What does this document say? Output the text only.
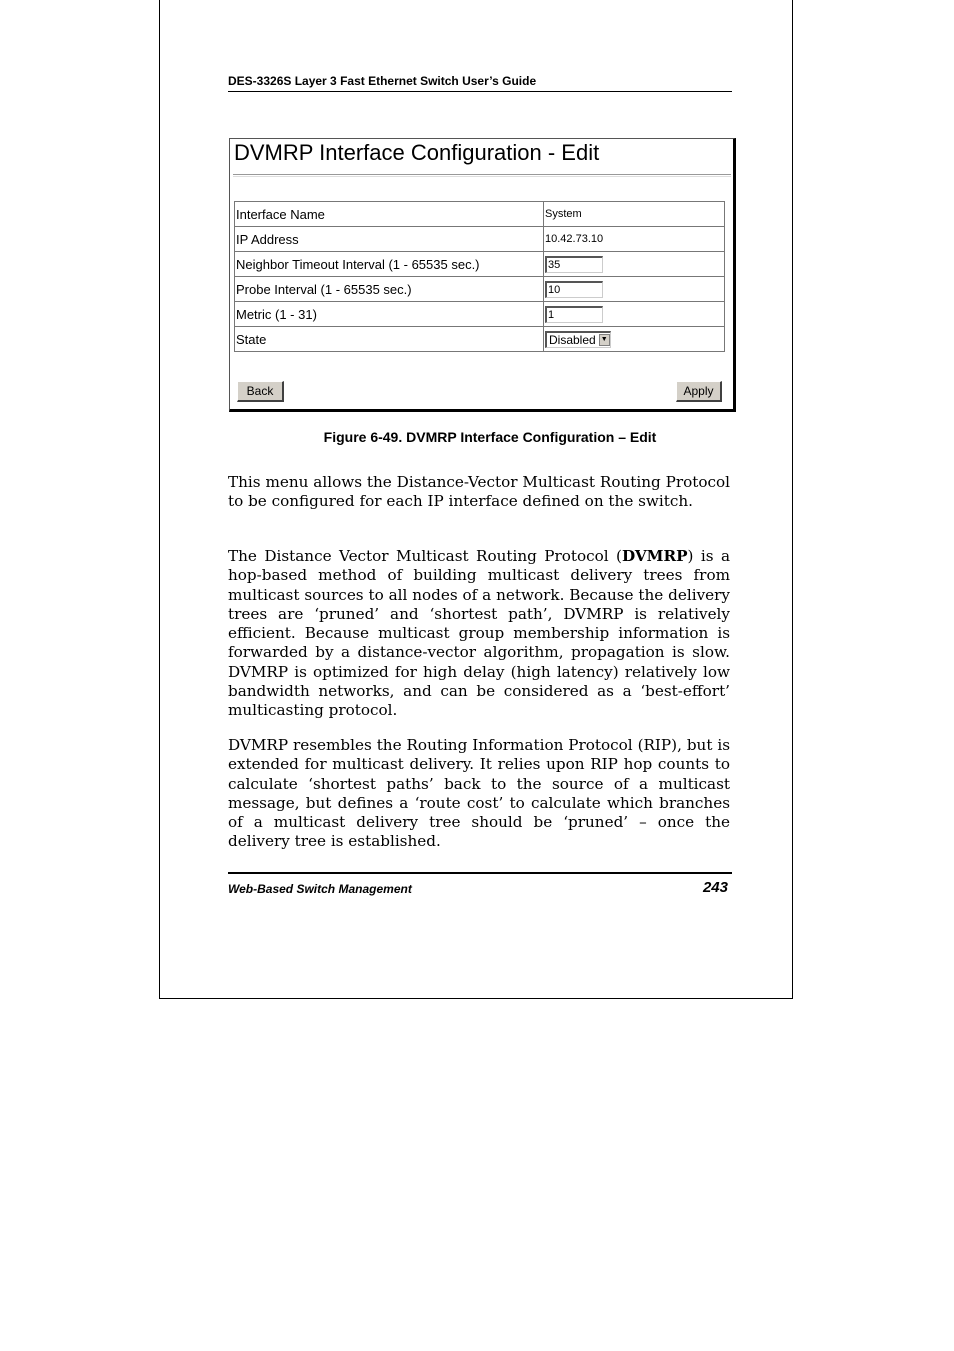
DES-3326S Layer 3 Fast Ethernet Switch User’s Guide
DVMRP Interface Configuration - Edit
Interface Name	System
IP Address	10.42.73.10
Neighbor Timeout Interval (1 - 65535 sec.)	35
Probe Interval (1 - 65535 sec.)	10
Metric (1 - 31)	1
State	Disabled ▼
Back	Apply
Figure 6-49. DVMRP Interface Configuration – Edit

This menu allows the Distance-Vector Multicast Routing Protocol to be configured for each IP interface defined on the switch.

The Distance Vector Multicast Routing Protocol (DVMRP) is a hop-based method of building multicast delivery trees from multicast sources to all nodes of a network. Because the delivery trees are ‘pruned’ and ‘shortest path’, DVMRP is relatively efficient. Because multicast group membership information is forwarded by a distance-vector algorithm, propagation is slow. DVMRP is optimized for high delay (high latency) relatively low bandwidth networks, and can be considered as a ‘best-effort’ multicasting protocol.

DVMRP resembles the Routing Information Protocol (RIP), but is extended for multicast delivery. It relies upon RIP hop counts to calculate ‘shortest paths’ back to the source of a multicast message, but defines a ‘route cost’ to calculate which branches of a multicast delivery tree should be ‘pruned’ – once the delivery tree is established.

Web-Based Switch Management	243
